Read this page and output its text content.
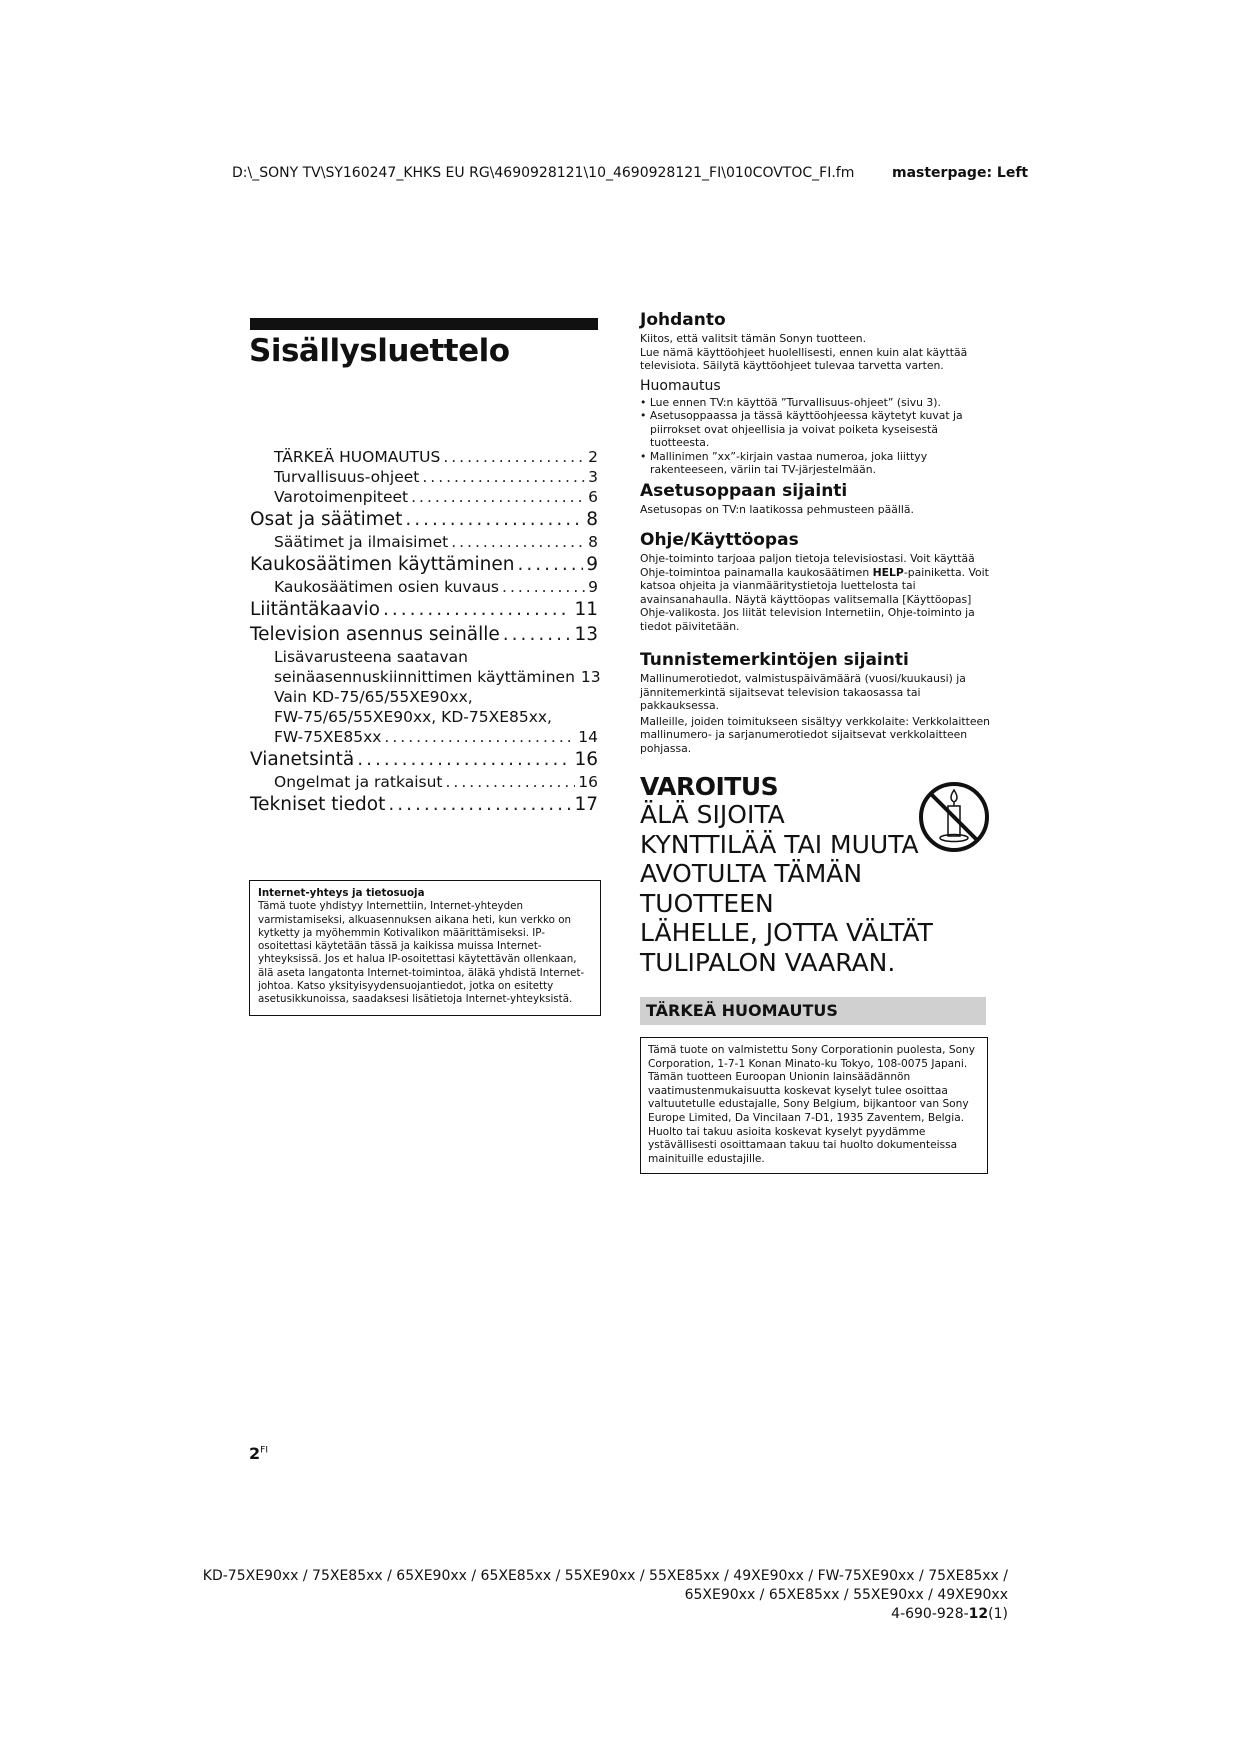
D:\_SONY TV\SY160247_KHKS EU RG\4690928121\10_4690928121_FI\010COVTOC_FI.fm	masterpage: Left
Sisällysluettelo
TÄRKEÄ HUOMAUTUS .....	2
Turvallisuus-ohjeet .....	3
Varotoimenpiteet .....	6
Osat ja säätimet .....	8
Säätimet ja ilmaisimet .....	8
Kaukosäätimen käyttäminen .....	9
Kaukosäätimen osien kuvaus .....	9
Liitäntäkaavio .....	11
Television asennus seinälle .....	13
Lisävarusteena saatavan
seinäasennuskiinnittimen käyttäminen 13
Vain KD-75/65/55XE90xx,
FW-75/65/55XE90xx, KD-75XE85xx,
FW-75XE85xx .....	14
Vianetsintä .....	16
Ongelmat ja ratkaisut .....	16
Tekniset tiedot .....	17
Internet-yhteys ja tietosuoja
Tämä tuote yhdistyy Internettiin, Internet-yhteyden varmistamiseksi, alkuasennuksen aikana heti, kun verkko on kytketty ja myöhemmin Kotivalikon määrittämiseksi. IP-osoitettasi käytetään tässä ja kaikissa muissa Internet-yhteyksissä. Jos et halua IP-osoitettasi käytettävän ollenkaan, älä aseta langatonta Internet-toimintoa, äläkä yhdistä Internet-johtoa. Katso yksityisyydensuojantiedot, jotka on esitetty asetusikkunoissa, saadaksesi lisätietoja Internet-yhteyksistä.
$2^{FI}$
Johdanto
Kiitos, että valitsit tämän Sonyn tuotteen.
Lue nämä käyttöohjeet huolellisesti, ennen kuin alat käyttää televisiota. Säilytä käyttöohjeet tulevaa tarvetta varten.
Huomautus
• Lue ennen TV:n käyttöä ”Turvallisuus-ohjeet” (sivu 3).
• Asetusoppaassa ja tässä käyttöohjeessa käytetyt kuvat ja piirrokset ovat ohjeellisia ja voivat poiketa kyseisestä tuotteesta.
• Mallinimen ”xx”-kirjain vastaa numeroa, joka liittyy rakenteeseen, väriin tai TV-järjestelmään.
Asetusoppaan sijainti
Asetusopas on TV:n laatikossa pehmusteen päällä.
Ohje/Käyttöopas
Ohje-toiminto tarjoaa paljon tietoja televisiostasi. Voit käyttää Ohje-toimintoa painamalla kaukosäätimen HELP-painiketta. Voit katsoa ohjeita ja vianmääritystietoja luettelosta tai avainsanahaulla. Näytä käyttöopas valitsemalla [Käyttöopas] Ohje-valikosta. Jos liität television Internetiin, Ohje-toiminto ja tiedot päivitetään.
Tunnistemerkintöjen sijainti
Mallinumerotiedot, valmistuspäivämäärä (vuosi/kuukausi) ja jännitemerkintä sijaitsevat television takaosassa tai pakkauksessa.
Malleille, joiden toimitukseen sisältyy verkkolaite: Verkkolaitteen mallinumero- ja sarjanumerotiedot sijaitsevat verkkolaitteen pohjassa.
VAROITUS
ÄLÄ SIJOITA
KYNTTILÄÄ TAI MUUTA
AVOTULTA TÄMÄN TUOTTEEN
LÄHELLE, JOTTA VÄLTÄT
TULIPALON VAARAN.
TÄRKEÄ HUOMAUTUS
Tämä tuote on valmistettu Sony Corporationin puolesta, Sony Corporation, 1-7-1 Konan Minato-ku Tokyo, 108-0075 Japani. Tämän tuotteen Euroopan Unionin lainsäädännön vaatimustenmukaisuutta koskevat kyselyt tulee osoittaa valtuutetulle edustajalle, Sony Belgium, bijkantoor van Sony Europe Limited, Da Vincilaan 7-D1, 1935 Zaventem, Belgia. Huolto tai takuu asioita koskevat kyselyt pyydämme ystävällisesti osoittamaan takuu tai huolto dokumenteissa mainituille edustajille.
KD-75XE90xx / 75XE85xx / 65XE90xx / 65XE85xx / 55XE90xx / 55XE85xx / 49XE90xx / FW-75XE90xx / 75XE85xx /
65XE90xx / 65XE85xx / 55XE90xx / 49XE90xx
4-690-928-12(1)
